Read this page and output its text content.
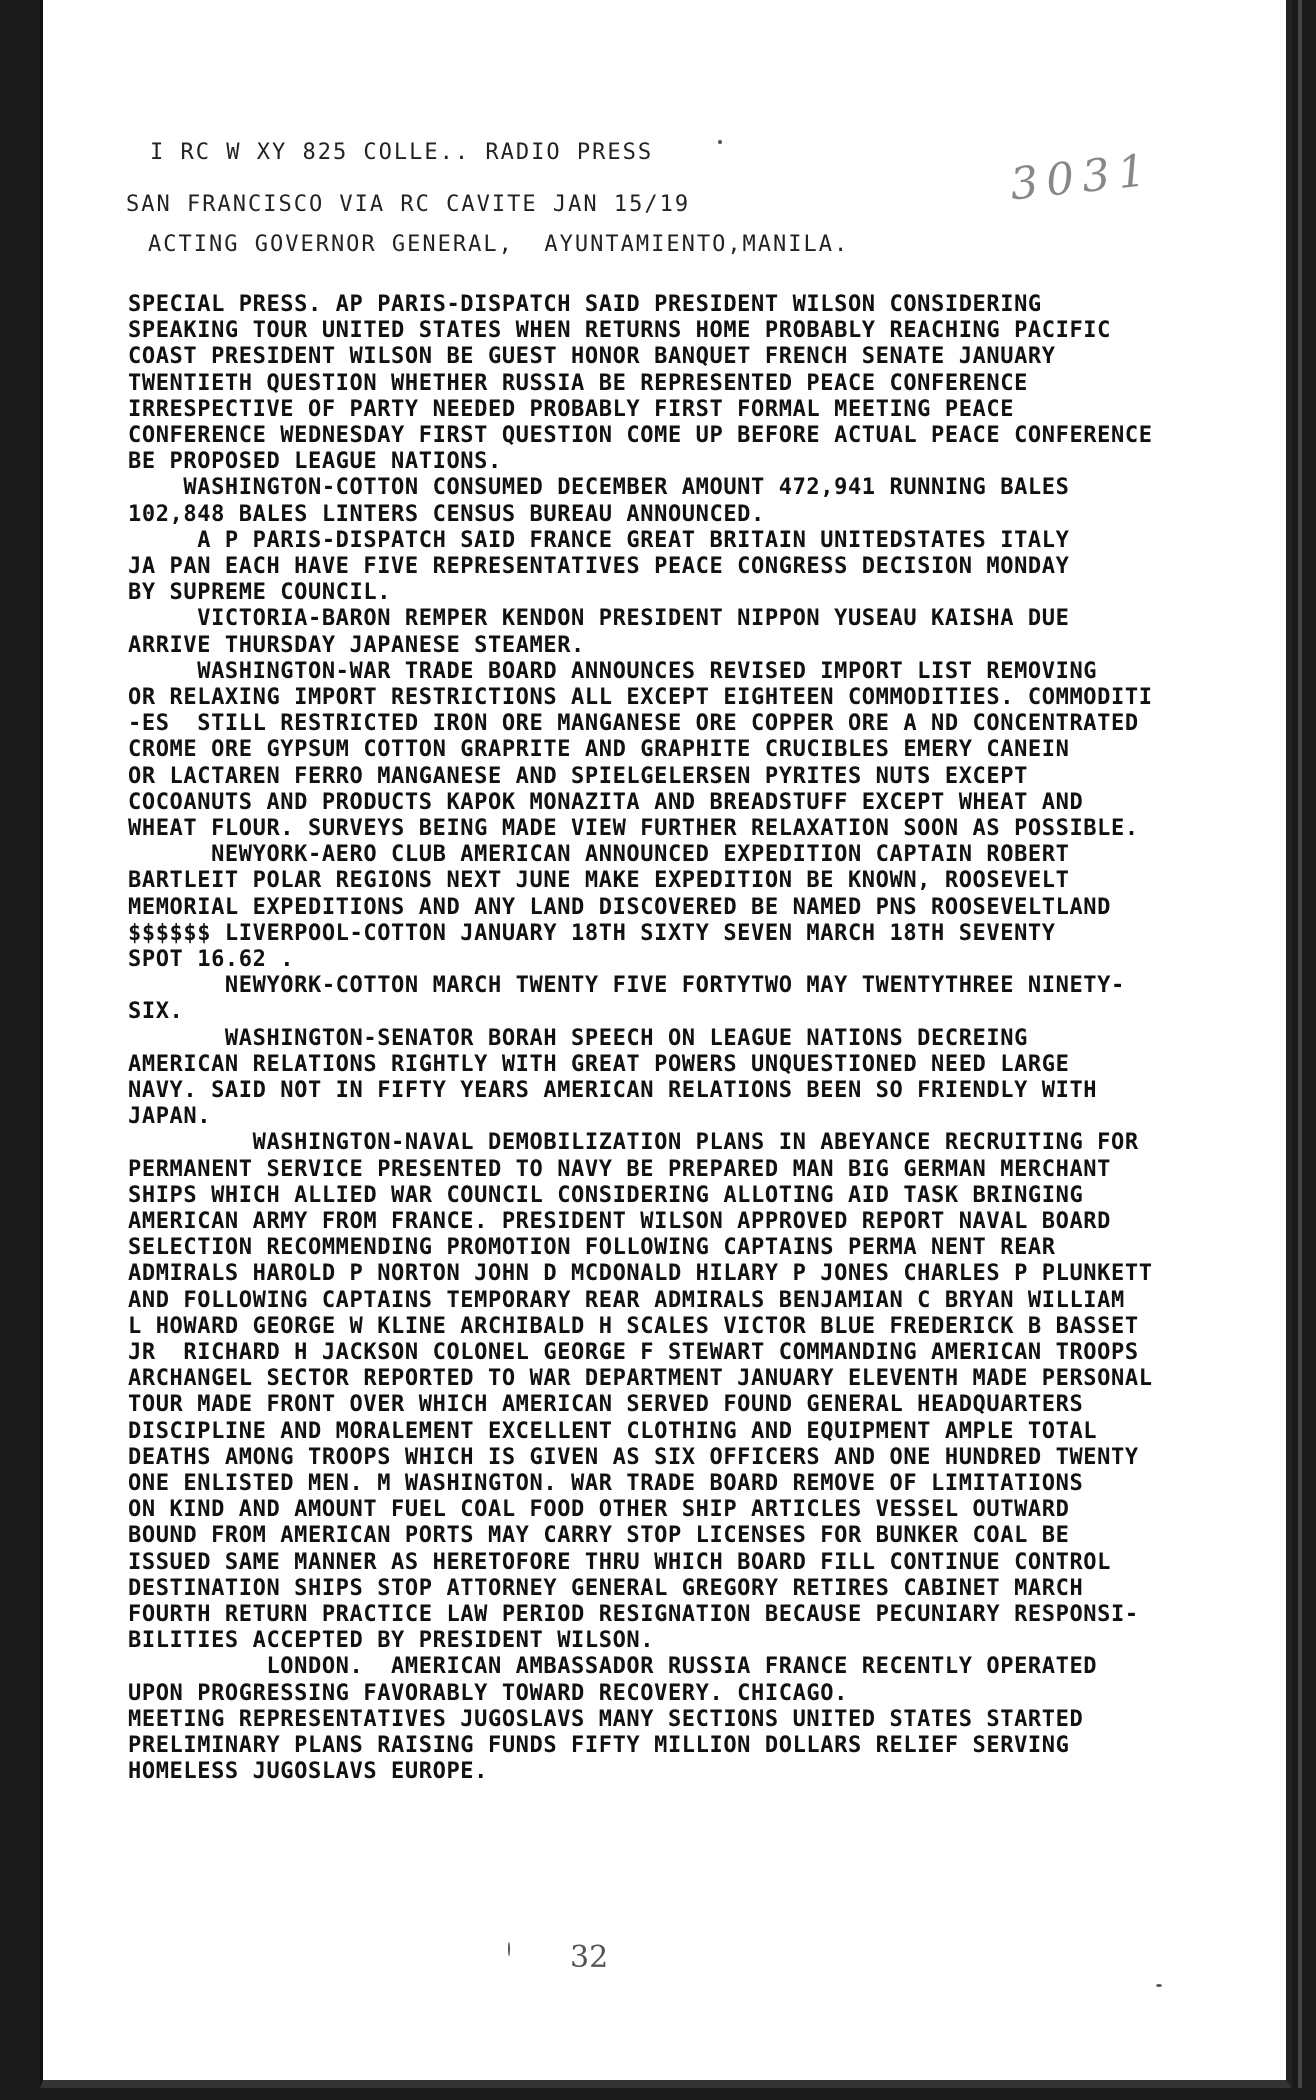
I RC W XY 825 COLLE.. RADIO PRESS

SAN FRANCISCO VIA RC CAVITE JAN 15/19

ACTING GOVERNOR GENERAL,  AYUNTAMIENTO,MANILA.

3031

SPECIAL PRESS. AP PARIS-DISPATCH SAID PRESIDENT WILSON CONSIDERING

SPEAKING TOUR UNITED STATES WHEN RETURNS HOME PROBABLY REACHING PACIFIC

COAST PRESIDENT WILSON BE GUEST HONOR BANQUET FRENCH SENATE JANUARY

TWENTIETH QUESTION WHETHER RUSSIA BE REPRESENTED PEACE CONFERENCE

IRRESPECTIVE OF PARTY NEEDED PROBABLY FIRST FORMAL MEETING PEACE

CONFERENCE WEDNESDAY FIRST QUESTION COME UP BEFORE ACTUAL PEACE CONFERENCE

BE PROPOSED LEAGUE NATIONS.

WASHINGTON-COTTON CONSUMED DECEMBER AMOUNT 472,941 RUNNING BALES

102,848 BALES LINTERS CENSUS BUREAU ANNOUNCED.

A P PARIS-DISPATCH SAID FRANCE GREAT BRITAIN UNITEDSTATES ITALY

JA PAN EACH HAVE FIVE REPRESENTATIVES PEACE CONGRESS DECISION MONDAY

BY SUPREME COUNCIL.

VICTORIA-BARON REMPER KENDON PRESIDENT NIPPON YUSEAU KAISHA DUE

ARRIVE THURSDAY JAPANESE STEAMER.

WASHINGTON-WAR TRADE BOARD ANNOUNCES REVISED IMPORT LIST REMOVING

OR RELAXING IMPORT RESTRICTIONS ALL EXCEPT EIGHTEEN COMMODITIES. COMMODITI

-ES  STILL RESTRICTED IRON ORE MANGANESE ORE COPPER ORE A ND CONCENTRATED

CROME ORE GYPSUM COTTON GRAPRITE AND GRAPHITE CRUCIBLES EMERY CANEIN

OR LACTAREN FERRO MANGANESE AND SPIELGELERSEN PYRITES NUTS EXCEPT

COCOANUTS AND PRODUCTS KAPOK MONAZITA AND BREADSTUFF EXCEPT WHEAT AND

WHEAT FLOUR. SURVEYS BEING MADE VIEW FURTHER RELAXATION SOON AS POSSIBLE.

NEWYORK-AERO CLUB AMERICAN ANNOUNCED EXPEDITION CAPTAIN ROBERT

BARTLEIT POLAR REGIONS NEXT JUNE MAKE EXPEDITION BE KNOWN, ROOSEVELT

MEMORIAL EXPEDITIONS AND ANY LAND DISCOVERED BE NAMED PNS ROOSEVELTLAND

$$$$$$ LIVERPOOL-COTTON JANUARY 18TH SIXTY SEVEN MARCH 18TH SEVENTY

SPOT 16.62 .

NEWYORK-COTTON MARCH TWENTY FIVE FORTYTWO MAY TWENTYTHREE NINETY-

SIX.

WASHINGTON-SENATOR BORAH SPEECH ON LEAGUE NATIONS DECREING

AMERICAN RELATIONS RIGHTLY WITH GREAT POWERS UNQUESTIONED NEED LARGE

NAVY. SAID NOT IN FIFTY YEARS AMERICAN RELATIONS BEEN SO FRIENDLY WITH

JAPAN.

WASHINGTON-NAVAL DEMOBILIZATION PLANS IN ABEYANCE RECRUITING FOR

PERMANENT SERVICE PRESENTED TO NAVY BE PREPARED MAN BIG GERMAN MERCHANT

SHIPS WHICH ALLIED WAR COUNCIL CONSIDERING ALLOTING AID TASK BRINGING

AMERICAN ARMY FROM FRANCE. PRESIDENT WILSON APPROVED REPORT NAVAL BOARD

SELECTION RECOMMENDING PROMOTION FOLLOWING CAPTAINS PERMA NENT REAR

ADMIRALS HAROLD P NORTON JOHN D MCDONALD HILARY P JONES CHARLES P PLUNKETT

AND FOLLOWING CAPTAINS TEMPORARY REAR ADMIRALS BENJAMIAN C BRYAN WILLIAM

L HOWARD GEORGE W KLINE ARCHIBALD H SCALES VICTOR BLUE FREDERICK B BASSET

JR  RICHARD H JACKSON COLONEL GEORGE F STEWART COMMANDING AMERICAN TROOPS

ARCHANGEL SECTOR REPORTED TO WAR DEPARTMENT JANUARY ELEVENTH MADE PERSONAL

TOUR MADE FRONT OVER WHICH AMERICAN SERVED FOUND GENERAL HEADQUARTERS

DISCIPLINE AND MORALEMENT EXCELLENT CLOTHING AND EQUIPMENT AMPLE TOTAL

DEATHS AMONG TROOPS WHICH IS GIVEN AS SIX OFFICERS AND ONE HUNDRED TWENTY

ONE ENLISTED MEN. M WASHINGTON. WAR TRADE BOARD REMOVE OF LIMITATIONS

ON KIND AND AMOUNT FUEL COAL FOOD OTHER SHIP ARTICLES VESSEL OUTWARD

BOUND FROM AMERICAN PORTS MAY CARRY STOP LICENSES FOR BUNKER COAL BE

ISSUED SAME MANNER AS HERETOFORE THRU WHICH BOARD FILL CONTINUE CONTROL

DESTINATION SHIPS STOP ATTORNEY GENERAL GREGORY RETIRES CABINET MARCH

FOURTH RETURN PRACTICE LAW PERIOD RESIGNATION BECAUSE PECUNIARY RESPONSI-

BILITIES ACCEPTED BY PRESIDENT WILSON.

LONDON.  AMERICAN AMBASSADOR RUSSIA FRANCE RECENTLY OPERATED

UPON PROGRESSING FAVORABLY TOWARD RECOVERY. CHICAGO.

MEETING REPRESENTATIVES JUGOSLAVS MANY SECTIONS UNITED STATES STARTED

PRELIMINARY PLANS RAISING FUNDS FIFTY MILLION DOLLARS RELIEF SERVING

HOMELESS JUGOSLAVS EUROPE.

32
